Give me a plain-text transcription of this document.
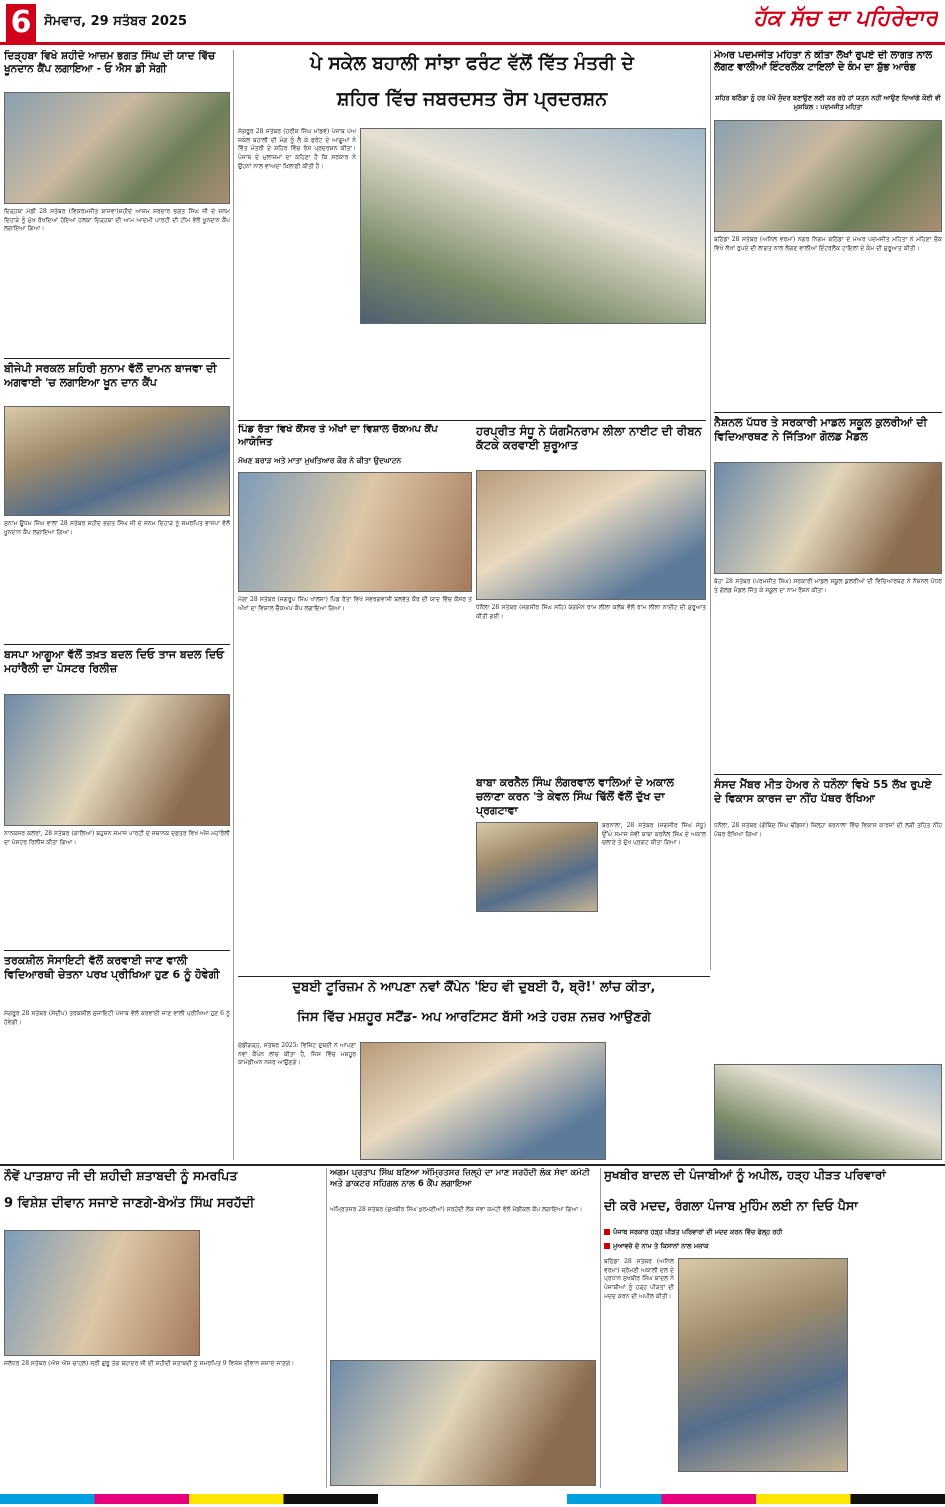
6 ਸੋਮਵਾਰ, 29 ਸਤੰਬਰ 2025	ਹੱਕ ਸੱਚ ਦਾ ਪਹਿਰੇਦਾਰ
ਦਿੜ੍ਹਬਾ ਵਿਖੇ ਸ਼ਹੀਦੇ ਆਜ਼ਮ ਭਗਤ ਸਿੰਘ ਦੀ ਯਾਦ ਵਿੱਚ ਖੂਨਦਾਨ ਕੈਂਪ ਲਗਾਇਆ - ਓ ਐਸ ਡੀ ਸੇਗੀ
ਦਿੜ੍ਹਬਾ ਮੰਡੀ 28 ਸਤੰਬਰ (ਵਿਕਰਮਜੀਤ ਬਾਜਵਾ)ਸ਼ਹੀਦੇ ਆਜ਼ਮ ਸਰਦਾਰ ਭਗਤ ਸਿੰਘ ਜੀ ਦੇ ਜਨਮ ਦਿਹਾੜੇ ਨੂੰ ਮੁੱਖ ਰੱਖਦਿਆਂ ਹੋਇਆਂ ਹਲਕਾ ਦਿੜ੍ਹਬਾ ਦੀ ਆਮ ਆਦਮੀ ਪਾਰਟੀ ਦੀ ਟੀਮ ਵੱਲੋਂ ਖੂਨਦਾਨ ਕੈਂਪ ਲਗਾਇਆ ਗਿਆ।
ਬੀਜੇਪੀ ਸਰਕਲ ਸ਼ਹਿਰੀ ਸੁਨਾਮ ਵੱਲੋਂ ਦਾਮਨ ਬਾਜਵਾ ਦੀ ਅਗਵਾਈ 'ਚ ਲਗਾਇਆ ਖੂਨ ਦਾਨ ਕੈਂਪ
ਸੁਨਾਮ ਊਧਮ ਸਿੰਘ ਵਾਲਾ 28 ਸਤੰਬਰ ਸ਼ਹੀਦ ਭਗਤ ਸਿੰਘ ਜੀ ਦੇ ਜਨਮ ਦਿਹਾੜੇ ਨੂੰ ਸਮਰਪਿਤ ਭਾਜਪਾ ਵੱਲੋਂ ਖੂਨਦਾਨ ਕੈਂਪ ਲਗਾਇਆ ਗਿਆ।
ਬਸਪਾ ਆਗੂਆ ਵੱਲੋਂ ਤਖ਼ਤ ਬਦਲ ਦਿਓ ਤਾਜ ਬਦਲ ਦਿਓ ਮਹਾਂਰੈਲੀ ਦਾ ਪੋਸਟਰ ਰਿਲੀਜ਼
ਨਾਨਕਸਰ ਕਲੇਰਾਂ, 28 ਸਤੰਬਰ (ਕਾਲਿਆ) ਬਹੁਜਨ ਸਮਾਜ ਪਾਰਟੀ ਦੇ ਸਥਾਨਕ ਦਫਤਰ ਵਿਖੇ ਅੱਜ ਮਹਾਂਰੈਲੀ ਦਾ ਪੋਸਟਰ ਰਿਲੀਜ਼ ਕੀਤਾ ਗਿਆ।
ਤਰਕਸ਼ੀਲ ਸੋਸਾਇਟੀ ਵੱਲੋਂ ਕਰਵਾਈ ਜਾਣ ਵਾਲੀ ਵਿਦਿਆਰਥੀ ਚੇਤਨਾ ਪਰਖ ਪ੍ਰੀਖਿਆ ਹੁਣ 6 ਨੂੰ ਹੋਵੇਗੀ
ਸੰਗਰੂਰ 28 ਸਤੰਬਰ (ਸੰਦੀਪ) ਤਰਕਸ਼ੀਲ ਸੁਸਾਇਟੀ ਪੰਜਾਬ ਵੱਲੋਂ ਕਰਵਾਈ ਜਾਣ ਵਾਲੀ ਪ੍ਰੀਖਿਆ ਹੁਣ 6 ਨੂੰ ਹੋਵੇਗੀ।
ਪੇ ਸਕੇਲ ਬਹਾਲੀ ਸਾਂਝਾ ਫਰੰਟ ਵੱਲੋਂ ਵਿੱਤ ਮੰਤਰੀ ਦੇ
ਸ਼ਹਿਰ ਵਿੱਚ ਜਬਰਦਸਤ ਰੋਸ ਪ੍ਰਦਰਸ਼ਨ
ਸੰਗਰੂਰ 28 ਸਤੰਬਰ (ਹਰੀਸ਼ ਸਿੰਘ ਮਾਂਡਵੇ) ਪੰਜਾਬ ਪੇਅ ਸਕੇਲ ਬਹਾਲੀ ਦੀ ਮੰਗ ਨੂੰ ਲੈ ਕੇ ਫਰੰਟ ਦੇ ਆਗੂਆਂ ਨੇ ਵਿੱਤ ਮੰਤਰੀ ਦੇ ਸ਼ਹਿਰ ਵਿੱਚ ਰੋਸ ਪ੍ਰਦਰਸ਼ਨ ਕੀਤਾ। ਪੰਜਾਬ ਦੇ ਮੁਲਾਜ਼ਮਾਂ ਦਾ ਕਹਿਣਾ ਹੈ ਕਿ ਸਰਕਾਰ ਨੇ ਉਹਨਾਂ ਨਾਲ ਵਾਅਦਾ ਖ਼ਿਲਾਫ਼ੀ ਕੀਤੀ ਹੈ।
ਹਰਪ੍ਰੀਤ ਸੰਧੂ ਨੇ ਯੰਗਮੈਨਰਾਮ ਲੀਲਾ ਨਾਈਟ ਦੀ ਰੀਬਨ ਕੱਟਕੇ ਕਰਵਾਈ ਸ਼ੁਰੂਆਤ
ਧੰਨੌਲਾ 28 ਸਤੰਬਰ (ਜਗਸੀਰ ਸਿੰਘ ਸਹਿ) ਯੰਗਮੈਨ ਰਾਮ ਲੀਲਾ ਕਲੱਬ ਵੱਲੋਂ ਰਾਮ ਲੀਲਾ ਨਾਈਟ ਦੀ ਸ਼ੁਰੂਆਤ ਕੀਤੀ ਗਈ।
ਪਿੰਡ ਰੱਤਾ ਵਿਖੇ ਕੈਂਸਰ ਤੇ ਅੱਖਾਂ ਦਾ ਵਿਸ਼ਾਲ ਚੈੱਕਅਪ ਕੈਂਪ ਆਯੋਜਿਤ
ਮੱਖਣ ਬਰਾੜ ਅਤੇ ਮਾਤਾ ਮੁਖਤਿਆਰ ਕੌਰ ਨੇ ਕੀਤਾ ਉਦਘਾਟਨ
ਮੋਗਾ 28 ਸਤੰਬਰ (ਜਗਰੂਪ ਸਿੰਘ ਖਾਲਸਾ) ਪਿੰਡ ਰੱਤਾ ਵਿਖੇ ਸਵਰਗਵਾਸੀ ਬਲਵੰਤ ਕੌਰ ਦੀ ਯਾਦ ਵਿੱਚ ਕੈਂਸਰ ਤੇ ਅੱਖਾਂ ਦਾ ਵਿਸ਼ਾਲ ਚੈੱਕਅਪ ਕੈਂਪ ਲਗਾਇਆ ਗਿਆ।
ਬਾਬਾ ਕਰਨੈਲ ਸਿੰਘ ਲੰਗਰਵਾਲ ਵਾਲਿਆਂ ਦੇ ਅਕਾਲ ਚਲਾਣਾ ਕਰਨ 'ਤੇ ਕੇਵਲ ਸਿੰਘ ਢਿੱਲੋਂ ਵੱਲੋਂ ਦੁੱਖ ਦਾ ਪ੍ਰਗਟਾਵਾ
ਬਰਨਾਲਾ, 28 ਸਤੰਬਰ (ਜਗਸੀਰ ਸਿੰਘ ਸੰਧੂ) ਉੱਘੇ ਸਮਾਜ ਸੇਵੀ ਬਾਬਾ ਕਰਨੈਲ ਸਿੰਘ ਦੇ ਅਕਾਲ ਚਲਾਣੇ ਤੇ ਦੁੱਖ ਪ੍ਰਗਟ ਕੀਤਾ ਗਿਆ।
ਮੇਅਰ ਪਦਮਜੀਤ ਮਹਿਤਾ ਨੇ ਕੀਤਾ ਲੱਖਾਂ ਰੁਪਏ ਦੀ ਲਾਗਤ ਨਾਲ ਲੱਗਣ ਵਾਲੀਆਂ ਇੰਟਰਲੌਕ ਟਾਇਲਾਂ ਦੇ ਕੰਮ ਦਾ ਸ਼ੁੱਭ ਆਰੰਭ
ਸ਼ਹਿਰ ਬਠਿੰਡਾ ਨੂੰ ਹਰ ਪੱਖੋਂ ਸੁੰਦਰ ਬਣਾਉਣ ਲਈ ਕਰ ਰਹੇ ਹਾਂ ਯਤਨ ਨਹੀਂ ਆਉਣ ਦਿਆਂਗੇ ਕੋਈ ਵੀ ਮੁਸ਼ਕਿਲ : ਪਦਮਜੀਤ ਮਹਿਤਾ
ਬਠਿੰਡਾ 28 ਸਤੰਬਰ (ਅਨਿਲ ਵਰਮਾ) ਨਗਰ ਨਿਗਮ ਬਠਿੰਡਾ ਦੇ ਮੇਅਰ ਪਦਮਜੀਤ ਮਹਿਤਾ ਨੇ ਮਹਿਣਾ ਚੌਕ ਵਿਖੇ ਲੱਖਾਂ ਰੁਪਏ ਦੀ ਲਾਗਤ ਨਾਲ ਲੱਗਣ ਵਾਲੀਆਂ ਇੰਟਰਲੌਕ ਟਾਇਲਾਂ ਦੇ ਕੰਮ ਦੀ ਸ਼ੁਰੂਆਤ ਕੀਤੀ।
ਨੈਸ਼ਨਲ ਪੱਧਰ ਤੇ ਸਰਕਾਰੀ ਮਾਡਲ ਸਕੂਲ ਕੁਲਰੀਆਂ ਦੀ ਵਿਦਿਆਰਥਣ ਨੇ ਜਿੱਤਿਆ ਗੋਲਡ ਮੈਡਲ
ਬੋਹਾ 28 ਸਤੰਬਰ (ਪਰਮਜੀਤ ਸਿੰਘ) ਸਰਕਾਰੀ ਮਾਡਲ ਸਕੂਲ ਕੁਲਰੀਆਂ ਦੀ ਵਿਦਿਆਰਥਣ ਨੇ ਨੈਸ਼ਨਲ ਪੱਧਰ ਤੇ ਗੋਲਡ ਮੈਡਲ ਜਿੱਤ ਕੇ ਸਕੂਲ ਦਾ ਨਾਮ ਰੌਸ਼ਨ ਕੀਤਾ।
ਸੰਸਦ ਮੈਂਬਰ ਮੀਤ ਹੇਅਰ ਨੇ ਧਨੌਲਾ ਵਿਖੇ 55 ਲੱਖ ਰੁਪਏ ਦੇ ਵਿਕਾਸ ਕਾਰਜ ਦਾ ਨੀਂਹ ਪੱਥਰ ਰੱਖਿਆ
ਧਨੌਲਾ, 28 ਸਤੰਬਰ (ਗੋਬਿੰਦ ਸਿੰਘ ਢੀਂਡਸਾ) ਜ਼ਿਲ੍ਹਾ ਬਰਨਾਲਾ ਵਿੱਚ ਵਿਕਾਸ ਕਾਰਜਾਂ ਦੀ ਲੜੀ ਤਹਿਤ ਨੀਂਹ ਪੱਥਰ ਰੱਖਿਆ ਗਿਆ।
ਦੁਬਈ ਟੂਰਿਜ਼ਮ ਨੇ ਆਪਣਾ ਨਵਾਂ ਕੈਂਪੇਨ 'ਇਹ ਵੀ ਦੁਬਈ ਹੈ, ਬ੍ਰੋ!' ਲਾਂਚ ਕੀਤਾ,
ਜਿਸ ਵਿੱਚ ਮਸ਼ਹੂਰ ਸਟੈਂਡ- ਅਪ ਆਰਟਿਸਟ ਬੱਸੀ ਅਤੇ ਹਰਸ਼ ਨਜ਼ਰ ਆਉਣਗੇ
ਚੰਡੀਗੜ੍ਹ, ਸਤੰਬਰ 2025: ਵਿਜ਼ਿਟ ਦੁਬਈ ਨੇ ਆਪਣਾ ਨਵਾਂ ਕੈਂਪੇਨ ਲਾਂਚ ਕੀਤਾ ਹੈ, ਜਿਸ ਵਿੱਚ ਮਸ਼ਹੂਰ ਕਾਮੇਡੀਅਨ ਨਜ਼ਰ ਆਉਣਗੇ।
ਨੌਵੇਂ ਪਾਤਸ਼ਾਹ ਜੀ ਦੀ ਸ਼ਹੀਦੀ ਸ਼ਤਾਬਦੀ ਨੂੰ ਸਮਰਪਿਤ
9 ਵਿਸ਼ੇਸ਼ ਦੀਵਾਨ ਸਜਾਏ ਜਾਣਗੇ-ਬੇਅੰਤ ਸਿੰਘ ਸਰਹੱਦੀ
ਜਲੰਧਰ 28 ਸਤੰਬਰ (ਐਸ ਐਸ ਚਾਹਲ) ਸ੍ਰੀ ਗੁਰੂ ਤੇਗ ਬਹਾਦਰ ਜੀ ਦੀ ਸ਼ਹੀਦੀ ਸ਼ਤਾਬਦੀ ਨੂੰ ਸਮਰਪਿਤ 9 ਵਿਸ਼ੇਸ਼ ਦੀਵਾਨ ਸਜਾਏ ਜਾਣਗੇ।
ਅਗਮ ਪ੍ਰਤਾਪ ਸਿੰਘ ਬਣਿਆ ਅੰਮ੍ਰਿਤਸਰ ਜ਼ਿਲ੍ਹੇ ਦਾ ਮਾਣ ਸਰਹੱਦੀ ਲੋਕ ਸੇਵਾ ਕਮੇਟੀ ਅਤੇ ਡਾਕਟਰ ਸਹਿਗਲ ਨਾਲ 6 ਕੈਂਪ ਲਗਾਇਆ
ਅੰਮ੍ਰਿਤਸਰ 28 ਸਤੰਬਰ (ਸੁਖਬੀਰ ਸਿੰਘ ਖੁਰਮਣੀਆਂ) ਸਰਹੱਦੀ ਲੋਕ ਸੇਵਾ ਕਮੇਟੀ ਵੱਲੋਂ ਮੈਡੀਕਲ ਕੈਂਪ ਲਗਾਇਆ ਗਿਆ।
ਸੁਖਬੀਰ ਬਾਦਲ ਦੀ ਪੰਜਾਬੀਆਂ ਨੂੰ ਅਪੀਲ, ਹੜ੍ਹ ਪੀੜਤ ਪਰਿਵਾਰਾਂ
ਦੀ ਕਰੋ ਮਦਦ, ਰੰਗਲਾ ਪੰਜਾਬ ਮੁਹਿੰਮ ਲਈ ਨਾ ਦਿਓ ਪੈਸਾ
ਪੰਜਾਬ ਸਰਕਾਰ ਹੜ੍ਹ ਪੀੜਤ ਪਰਿਵਾਰਾਂ ਦੀ ਮਦਦ ਕਰਨ ਵਿੱਚ ਫੇਲ੍ਹ ਰਹੀ
ਮੁਆਵਜ਼ੇ ਦੇ ਨਾਮ ਤੇ ਕਿਸਾਨਾਂ ਨਾਲ ਮਜ਼ਾਕ
ਬਠਿੰਡਾ 28 ਸਤੰਬਰ (ਅਨਿਲ ਵਰਮਾ) ਸ਼੍ਰੋਮਣੀ ਅਕਾਲੀ ਦਲ ਦੇ ਪ੍ਰਧਾਨ ਸੁਖਬੀਰ ਸਿੰਘ ਬਾਦਲ ਨੇ ਪੰਜਾਬੀਆਂ ਨੂੰ ਹੜ੍ਹ ਪੀੜਤਾਂ ਦੀ ਮਦਦ ਕਰਨ ਦੀ ਅਪੀਲ ਕੀਤੀ।
